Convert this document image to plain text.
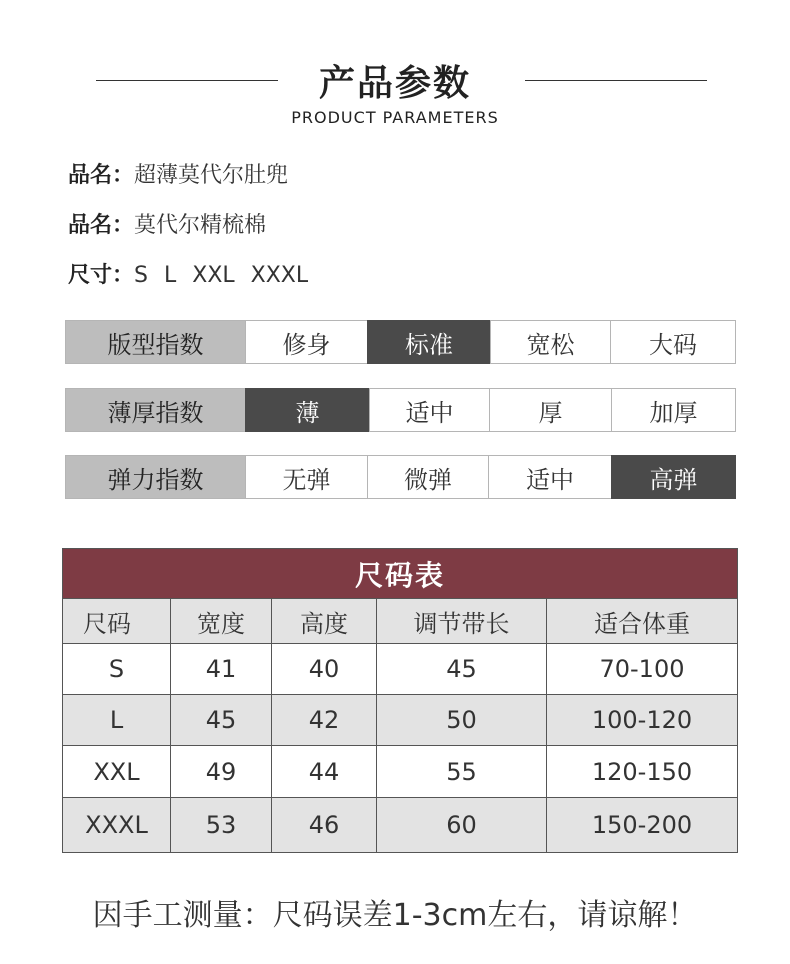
产品参数
PRODUCT PARAMETERS
品名：超薄莫代尔肚兜
品名：莫代尔精梳棉
尺寸：S L XXL XXXL
版型指数	修身	标准	宽松	大码
薄厚指数	薄	适中	厚	加厚
弹力指数	无弹	微弹	适中	高弹
尺码表
尺码	宽度	高度	调节带长	适合体重
S	41	40	45	70-100
L	45	42	50	100-120
XXL	49	44	55	120-150
XXXL	53	46	60	150-200
因手工测量：尺码误差1-3cm左右，请谅解！
